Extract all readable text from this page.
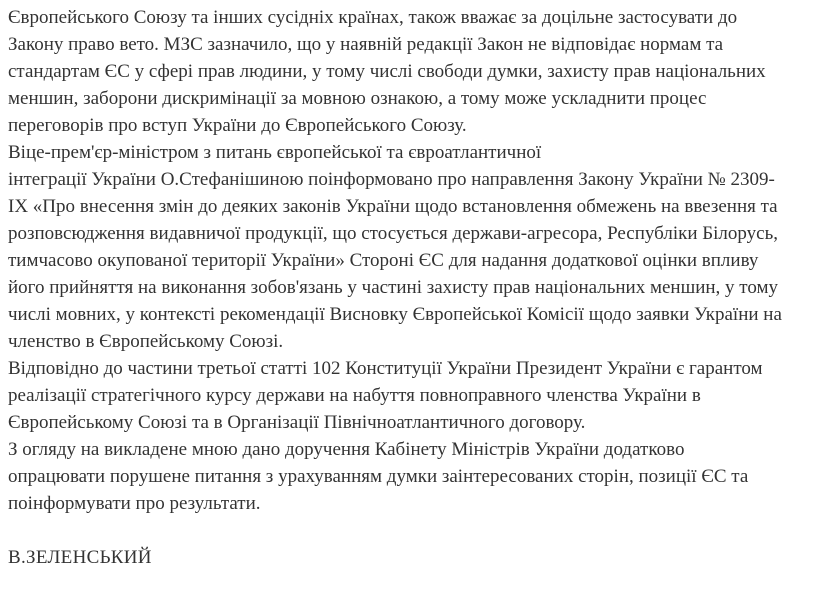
Європейського Союзу та інших сусідніх країнах, також вважає за доцільне застосувати до
Закону право вето. МЗС зазначило, що у наявній редакції Закон не відповідає нормам та
стандартам ЄС у сфері прав людини, у тому числі свободи думки, захисту прав національних
меншин, заборони дискримінації за мовною ознакою, а тому може ускладнити процес
переговорів про вступ України до Європейського Союзу.
Віце-прем'єр-міністром з питань європейської та євроатлантичної
інтеграції України О.Стефанішиною поінформовано про направлення Закону України № 2309-
ІХ «Про внесення змін до деяких законів України щодо встановлення обмежень на ввезення та
розповсюдження видавничої продукції, що стосується держави-агресора, Республіки Білорусь,
тимчасово окупованої території України» Стороні ЄС для надання додаткової оцінки впливу
його прийняття на виконання зобов'язань у частині захисту прав національних меншин, у тому
числі мовних, у контексті рекомендації Висновку Європейської Комісії щодо заявки України на
членство в Європейському Союзі.
Відповідно до частини третьої статті 102 Конституції України Президент України є гарантом
реалізації стратегічного курсу держави на набуття повноправного членства України в
Європейському Союзі та в Організації Північноатлантичного договору.
З огляду на викладене мною дано доручення Кабінету Міністрів України додатково
опрацювати порушене питання з урахуванням думки заінтересованих сторін, позиції ЄС та
поінформувати про результати.
В.ЗЕЛЕНСЬКИЙ
